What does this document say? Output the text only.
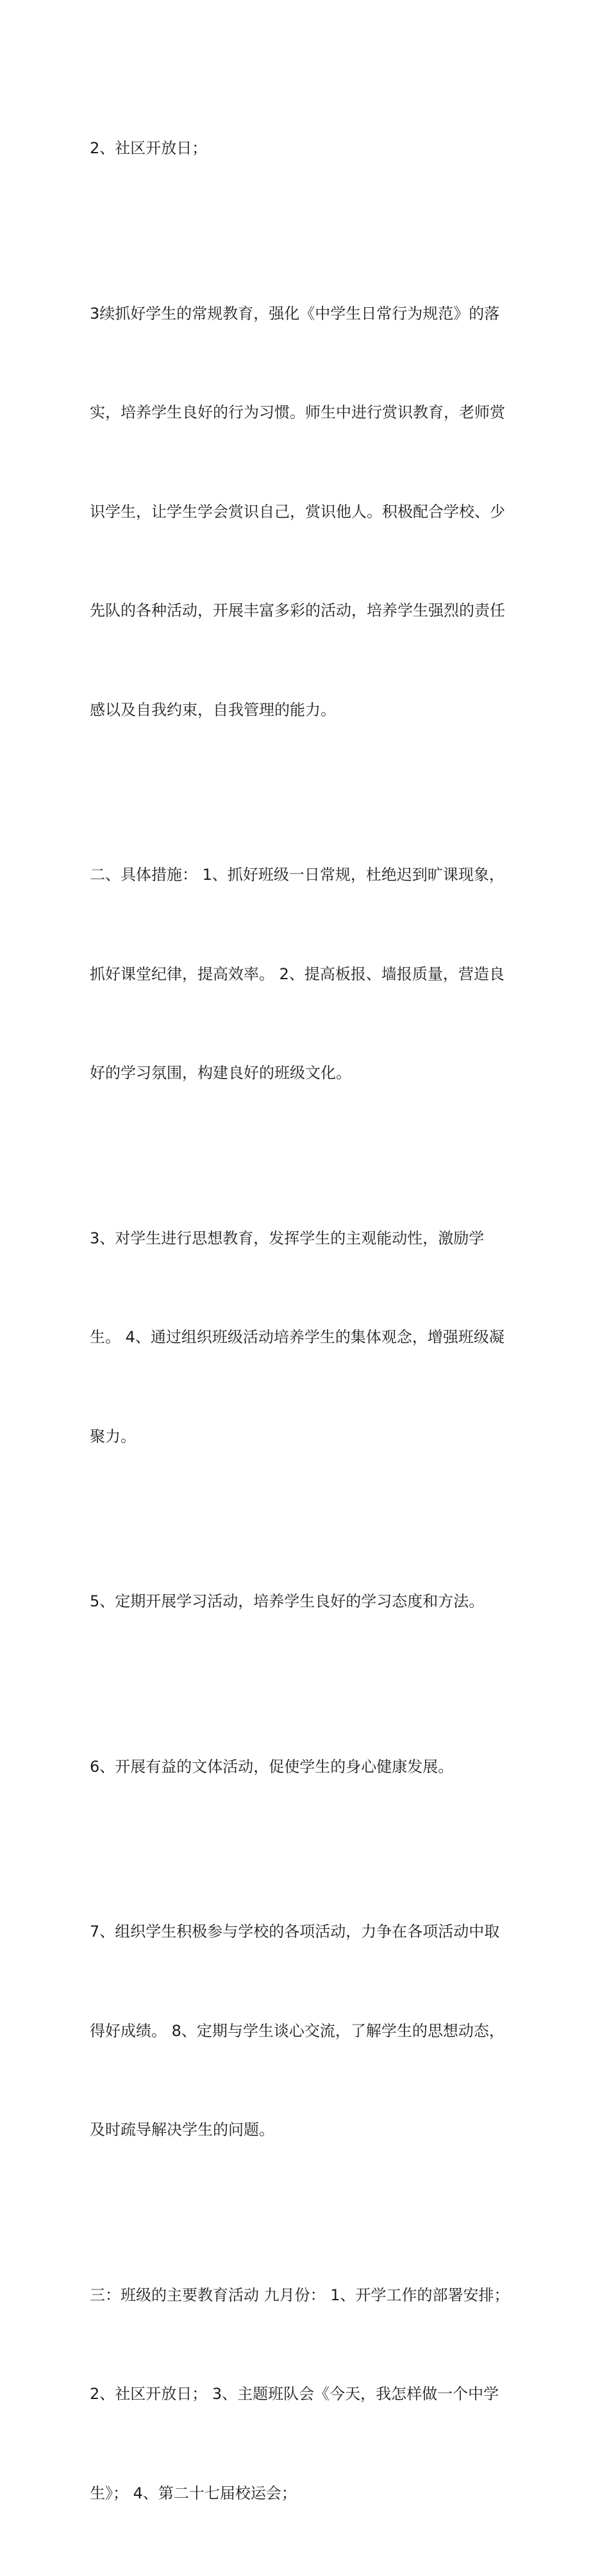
2、社区开放日；

3续抓好学生的常规教育，强化《中学生日常行为规范》的落

实，培养学生良好的行为习惯。师生中进行赏识教育，老师赏

识学生，让学生学会赏识自己，赏识他人。积极配合学校、少

先队的各种活动，开展丰富多彩的活动，培养学生强烈的责任

感以及自我约束，自我管理的能力。

二、具体措施： 1、抓好班级一日常规，杜绝迟到旷课现象，

抓好课堂纪律，提高效率。 2、提高板报、墙报质量，营造良

好的学习氛围，构建良好的班级文化。

3、对学生进行思想教育，发挥学生的主观能动性，激励学

生。 4、通过组织班级活动培养学生的集体观念，增强班级凝

聚力。

5、定期开展学习活动，培养学生良好的学习态度和方法。

6、开展有益的文体活动，促使学生的身心健康发展。

7、组织学生积极参与学校的各项活动，力争在各项活动中取

得好成绩。 8、定期与学生谈心交流，了解学生的思想动态，

及时疏导解决学生的问题。

三：班级的主要教育活动 九月份： 1、开学工作的部署安排；

2、社区开放日； 3、主题班队会《今天，我怎样做一个中学

生》； 4、第二十七届校运会；
